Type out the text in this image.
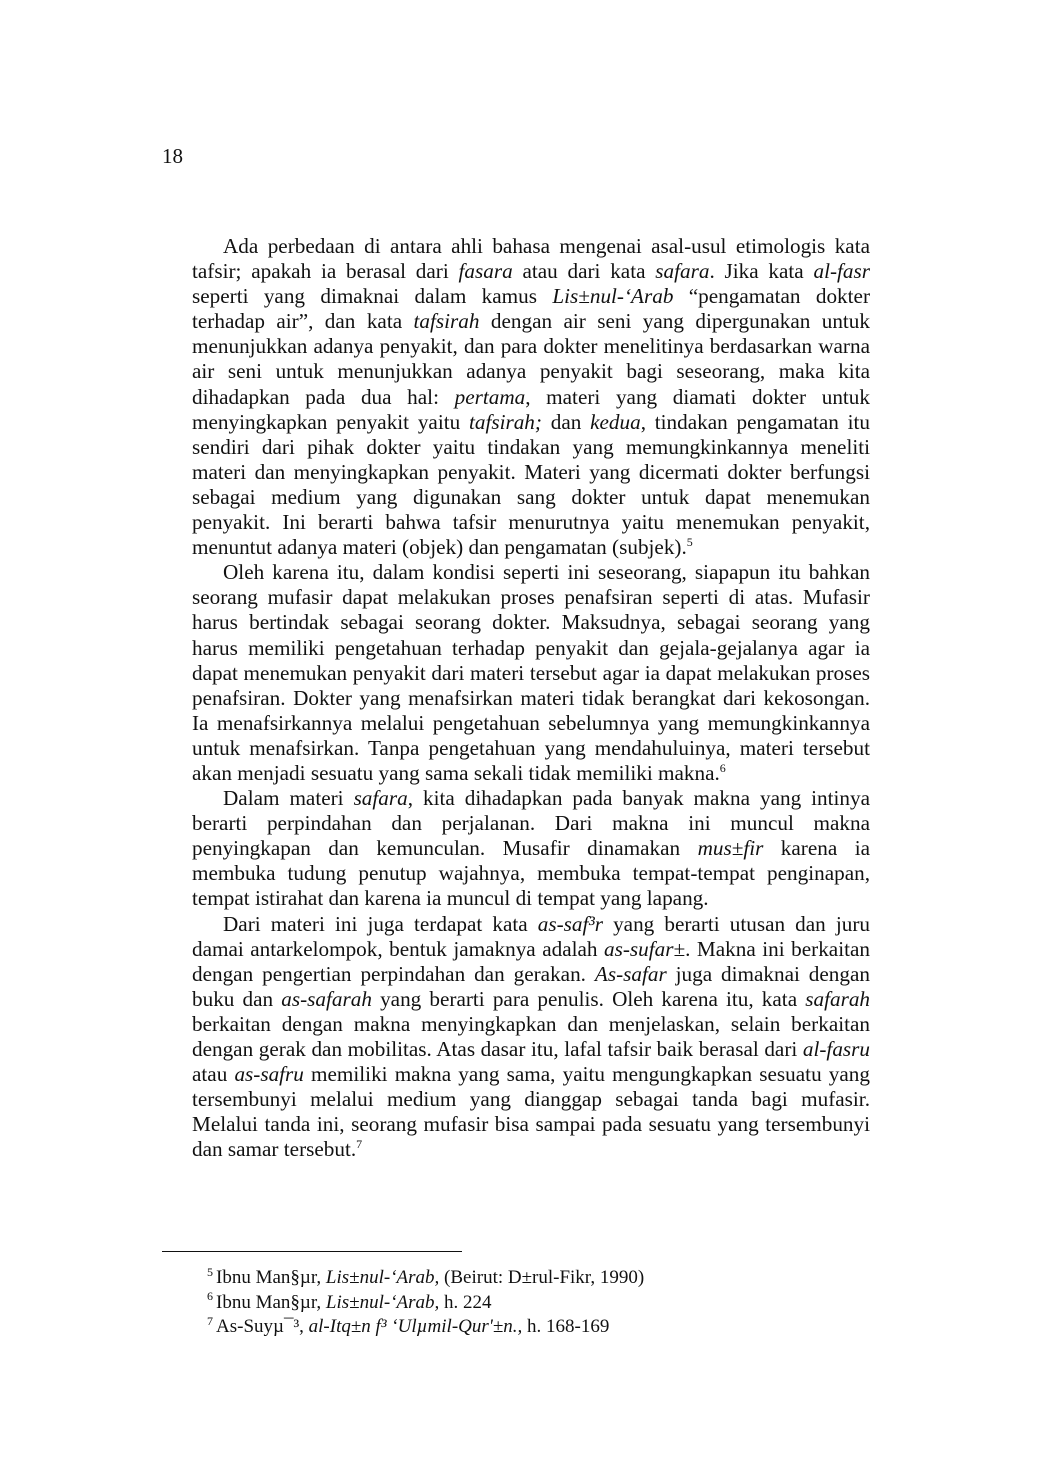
18

Ada perbedaan di antara ahli bahasa mengenai asal-usul etimologis kata tafsir; apakah ia berasal dari fasara atau dari kata safara. Jika kata al-fasr seperti yang dimaknai dalam kamus Lis±nul-‘Arab “pengamatan dokter terhadap air”, dan kata tafsirah dengan air seni yang dipergunakan untuk menunjukkan adanya penyakit, dan para dokter menelitinya berdasarkan warna air seni untuk menunjukkan adanya penyakit bagi seseorang, maka kita dihadapkan pada dua hal: pertama, materi yang diamati dokter untuk menyingkapkan penyakit yaitu tafsirah; dan kedua, tindakan pengamatan itu sendiri dari pihak dokter yaitu tindakan yang memungkinkannya meneliti materi dan menyingkapkan penyakit. Materi yang dicermati dokter berfungsi sebagai medium yang digunakan sang dokter untuk dapat menemukan penyakit. Ini berarti bahwa tafsir menurutnya yaitu menemukan penyakit, menuntut adanya materi (objek) dan pengamatan (subjek).$^5$

Oleh karena itu, dalam kondisi seperti ini seseorang, siapapun itu bahkan seorang mufasir dapat melakukan proses penafsiran seperti di atas. Mufasir harus bertindak sebagai seorang dokter. Maksudnya, sebagai seorang yang harus memiliki pengetahuan terhadap penyakit dan gejala-gejalanya agar ia dapat menemukan penyakit dari materi tersebut agar ia dapat melakukan proses penafsiran. Dokter yang menafsirkan materi tidak berangkat dari kekosongan. Ia menafsirkannya melalui pengetahuan sebelumnya yang memungkinkannya untuk menafsirkan. Tanpa pengetahuan yang mendahuluinya, materi tersebut akan menjadi sesuatu yang sama sekali tidak memiliki makna.$^6$

Dalam materi safara, kita dihadapkan pada banyak makna yang intinya berarti perpindahan dan perjalanan. Dari makna ini muncul makna penyingkapan dan kemunculan. Musafir dinamakan mus±fir karena ia membuka tudung penutup wajahnya, membuka tempat-tempat penginapan, tempat istirahat dan karena ia muncul di tempat yang lapang.

Dari materi ini juga terdapat kata as-saf³r yang berarti utusan dan juru damai antarkelompok, bentuk jamaknya adalah as-sufar±. Makna ini berkaitan dengan pengertian perpindahan dan gerakan. As-safar juga dimaknai dengan buku dan as-safarah yang berarti para penulis. Oleh karena itu, kata safarah berkaitan dengan makna menyingkapkan dan menjelaskan, selain berkaitan dengan gerak dan mobilitas. Atas dasar itu, lafal tafsir baik berasal dari al-fasru atau as-safru memiliki makna yang sama, yaitu mengungkapkan sesuatu yang tersembunyi melalui medium yang dianggap sebagai tanda bagi mufasir. Melalui tanda ini, seorang mufasir bisa sampai pada sesuatu yang tersembunyi dan samar tersebut.$^7$

$^5$ Ibnu Man§µr, Lis±nul-‘Arab, (Beirut: D±rul-Fikr, 1990)

$^6$ Ibnu Man§µr, Lis±nul-‘Arab, h. 224

$^7$ As-Suyµ¯³, al-Itq±n f³ ‘Ulµmil-Qur'±n., h. 168-169
